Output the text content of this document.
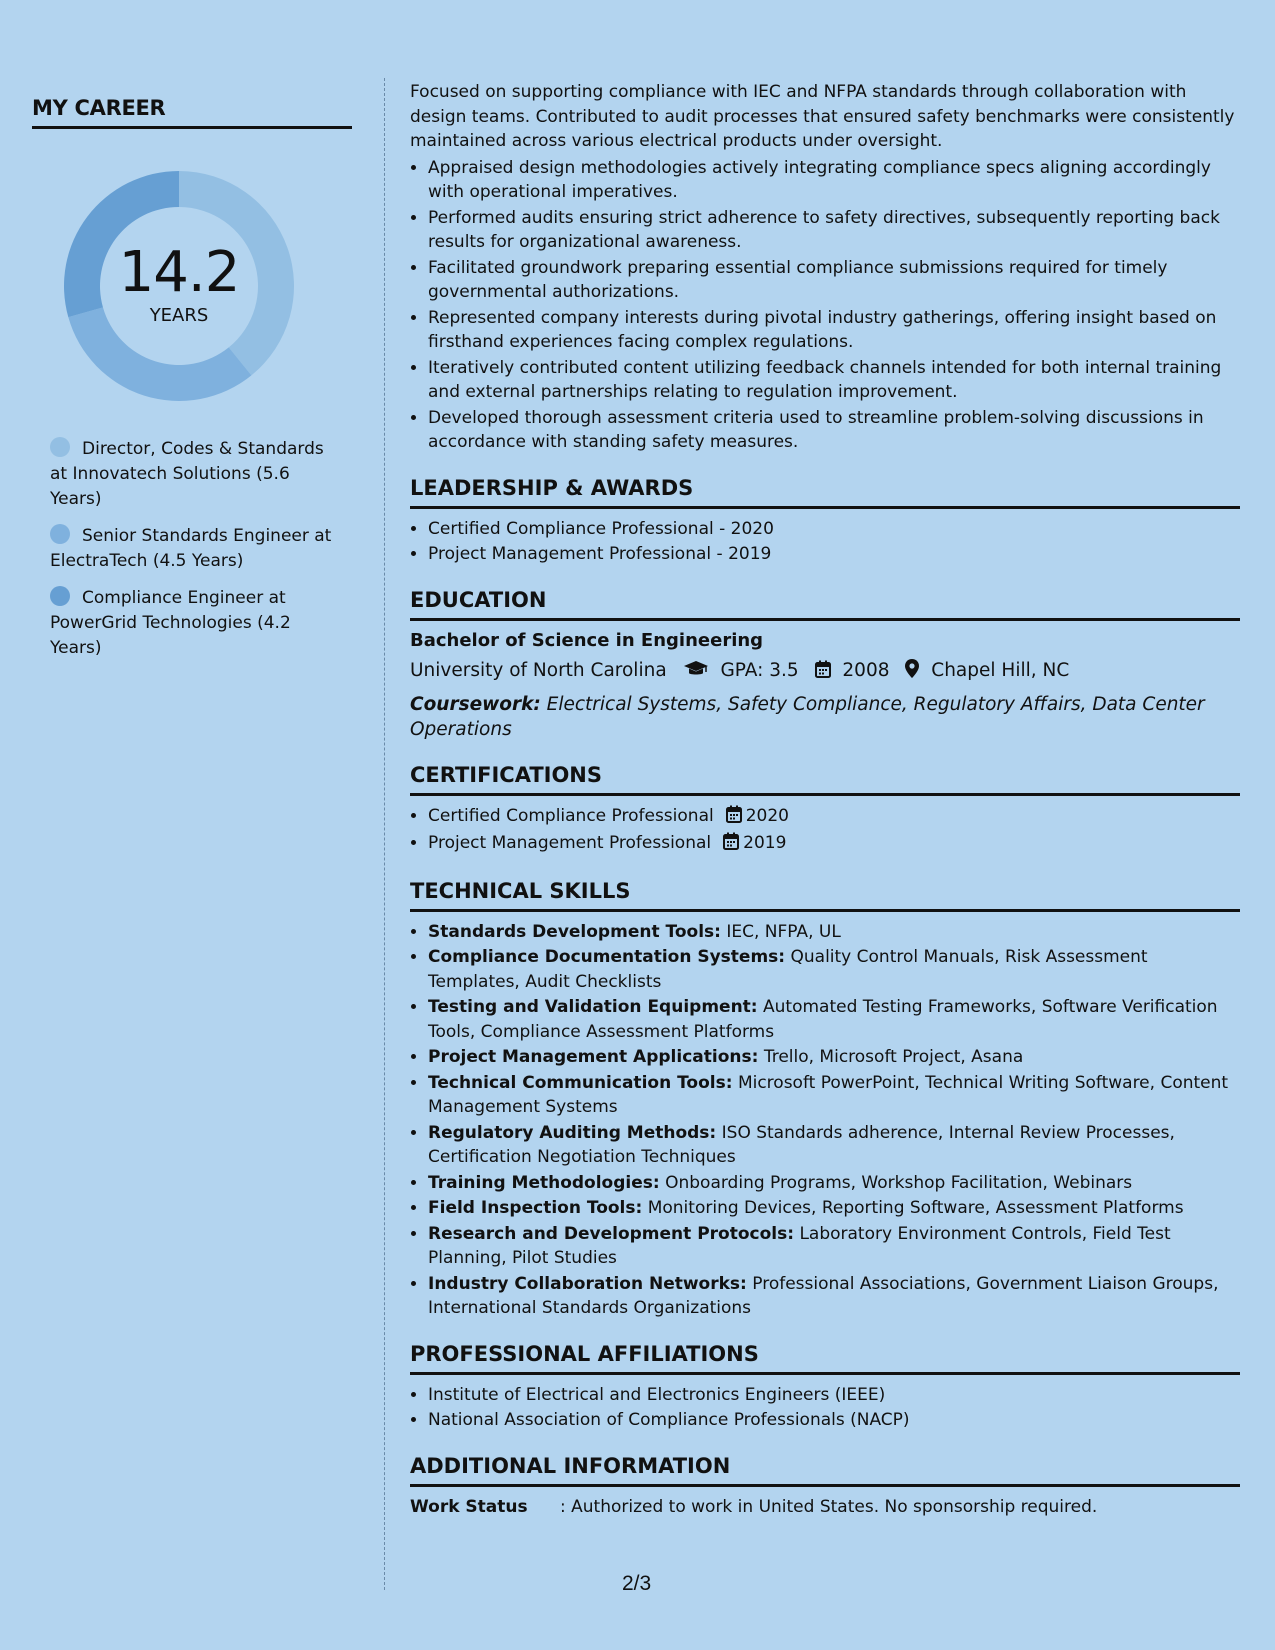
MY CAREER
14.2
YEARS
Director, Codes & Standards at Innovatech Solutions (5.6 Years)
Senior Standards Engineer at ElectraTech (4.5 Years)
Compliance Engineer at PowerGrid Technologies (4.2 Years)

Focused on supporting compliance with IEC and NFPA standards through collaboration with design teams. Contributed to audit processes that ensured safety benchmarks were consistently maintained across various electrical products under oversight.

• Appraised design methodologies actively integrating compliance specs aligning accordingly with operational imperatives.
• Performed audits ensuring strict adherence to safety directives, subsequently reporting back results for organizational awareness.
• Facilitated groundwork preparing essential compliance submissions required for timely governmental authorizations.
• Represented company interests during pivotal industry gatherings, offering insight based on firsthand experiences facing complex regulations.
• Iteratively contributed content utilizing feedback channels intended for both internal training and external partnerships relating to regulation improvement.
• Developed thorough assessment criteria used to streamline problem-solving discussions in accordance with standing safety measures.
LEADERSHIP & AWARDS
• Certified Compliance Professional - 2020
• Project Management Professional - 2019
EDUCATION
Bachelor of Science in Engineering
University of North Carolina	GPA: 3.5 2008 Chapel Hill, NC
Coursework: Electrical Systems, Safety Compliance, Regulatory Affairs, Data Center Operations
CERTIFICATIONS
• Certified Compliance Professional 2020
• Project Management Professional 2019
TECHNICAL SKILLS
• Standards Development Tools: IEC, NFPA, UL
• Compliance Documentation Systems: Quality Control Manuals, Risk Assessment Templates, Audit Checklists
• Testing and Validation Equipment: Automated Testing Frameworks, Software Verification Tools, Compliance Assessment Platforms
• Project Management Applications: Trello, Microsoft Project, Asana
• Technical Communication Tools: Microsoft PowerPoint, Technical Writing Software, Content Management Systems
• Regulatory Auditing Methods: ISO Standards adherence, Internal Review Processes, Certification Negotiation Techniques
• Training Methodologies: Onboarding Programs, Workshop Facilitation, Webinars
• Field Inspection Tools: Monitoring Devices, Reporting Software, Assessment Platforms
• Research and Development Protocols: Laboratory Environment Controls, Field Test Planning, Pilot Studies
• Industry Collaboration Networks: Professional Associations, Government Liaison Groups, International Standards Organizations
PROFESSIONAL AFFILIATIONS
• Institute of Electrical and Electronics Engineers (IEEE)
• National Association of Compliance Professionals (NACP)
ADDITIONAL INFORMATION
Work Status : Authorized to work in United States. No sponsorship required.
2/3
